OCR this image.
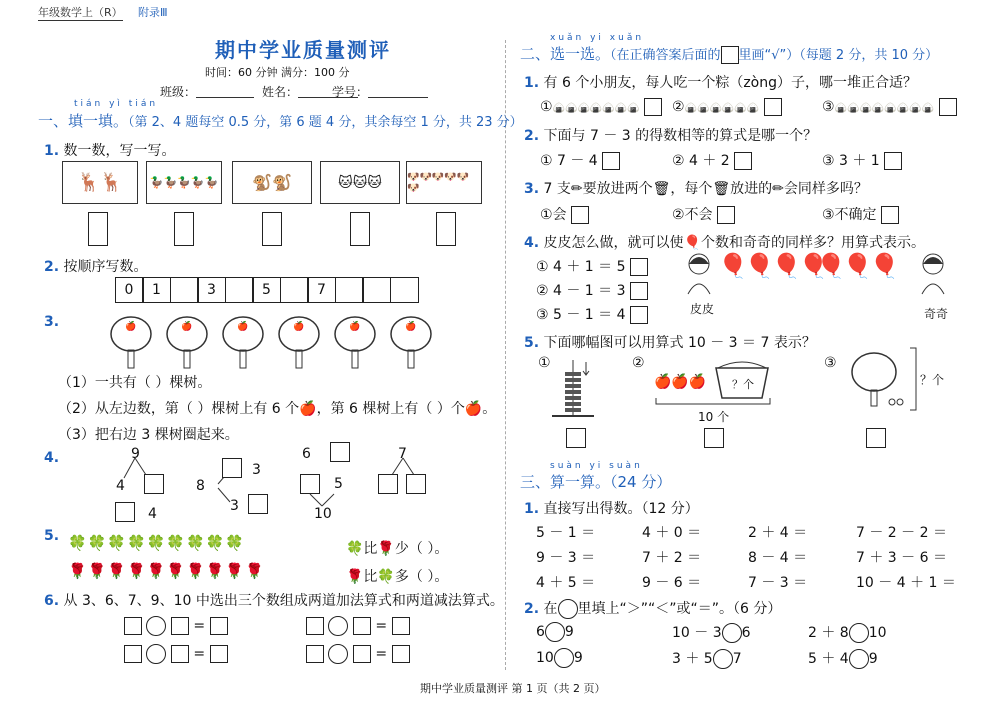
年级数学上（R） 附录Ⅲ
期中学业质量测评
时间：60 分钟 满分：100 分
班级：	姓名：	学号：
tián yì tián
一、填一填。（第 2、4 题每空 0.5 分，第 6 题 4 分，其余每空 1 分，共 23 分）
1. 数一数，写一写。
🦌🦌 🦆🦆🦆🦆🦆 🐒🐒	🐱🐱🐱	🐶🐶🐶🐶🐶🐶
2. 按顺序写数。
0	1	3	5	7
3.	🍎	🍎	🍎	🍎	🍎	🍎
（1）一共有（ ）棵树。
（2）从左边数，第（ ）棵树上有 6 个🍎，第 6 棵树上有（ ）个🍎。
（3）把右边 3 棵树圈起来。
4.	9
4
4
3
8
3
6
5
10
7
5. 🍀🍀🍀🍀🍀🍀🍀🍀🍀
🌹🌹🌹🌹🌹🌹🌹🌹🌹🌹
🍀比🌹少（ ）。
🌹比🍀多（ ）。
6. 从 3、6、7、9、10 中选出三个数组成两道加法算式和两道减法算式。
=
=
=
=
xuǎn yi xuǎn
二、选一选。（在正确答案后面的 里画“√”）（每题 2 分，共 10 分）
1. 有 6 个小朋友，每人吃一个粽（zòng）子，哪一堆正合适？
①🍙🍙🍙🍙🍙🍙🍙	②🍙🍙🍙🍙🍙🍙	③🍙🍙🍙🍙🍙🍙🍙🍙
2. 下面与 7 － 3 的得数相等的算式是哪一个？
① 7 － 4	② 4 ＋ 2	③ 3 ＋ 1
3. 7 支✏要放进两个🗑，每个🗑放进的✏会同样多吗？
①会	②不会	③不确定
4. 皮皮怎么做，就可以使🎈个数和奇奇的同样多？用算式表示。
① 4 ＋ 1 ＝ 5
② 4 － 1 ＝ 3
③ 5 － 1 ＝ 4	皮皮
🎈🎈🎈🎈
🎈🎈🎈
奇奇
5. 下面哪幅图可以用算式 10 － 3 ＝ 7 表示？
①	②
🍎🍎🍎 ？个
10 个
③
？个
suàn yi suàn
三、算一算。（24 分）
1. 直接写出得数。（12 分）
5 － 1 ＝	4 ＋ 0 ＝	2 ＋ 4 ＝	7 － 2 － 2 ＝
9 － 3 ＝	7 ＋ 2 ＝	8 － 4 ＝	7 ＋ 3 － 6 ＝
4 ＋ 5 ＝	9 － 6 ＝	7 － 3 ＝	10 － 4 ＋ 1 ＝
2. 在 里填上“＞”“＜”或“＝”。（6 分）
6 9	10 － 3 6	2 ＋ 8 10
10 9	3 ＋ 5 7	5 ＋ 4 9
期中学业质量测评 第 1 页（共 2 页）
